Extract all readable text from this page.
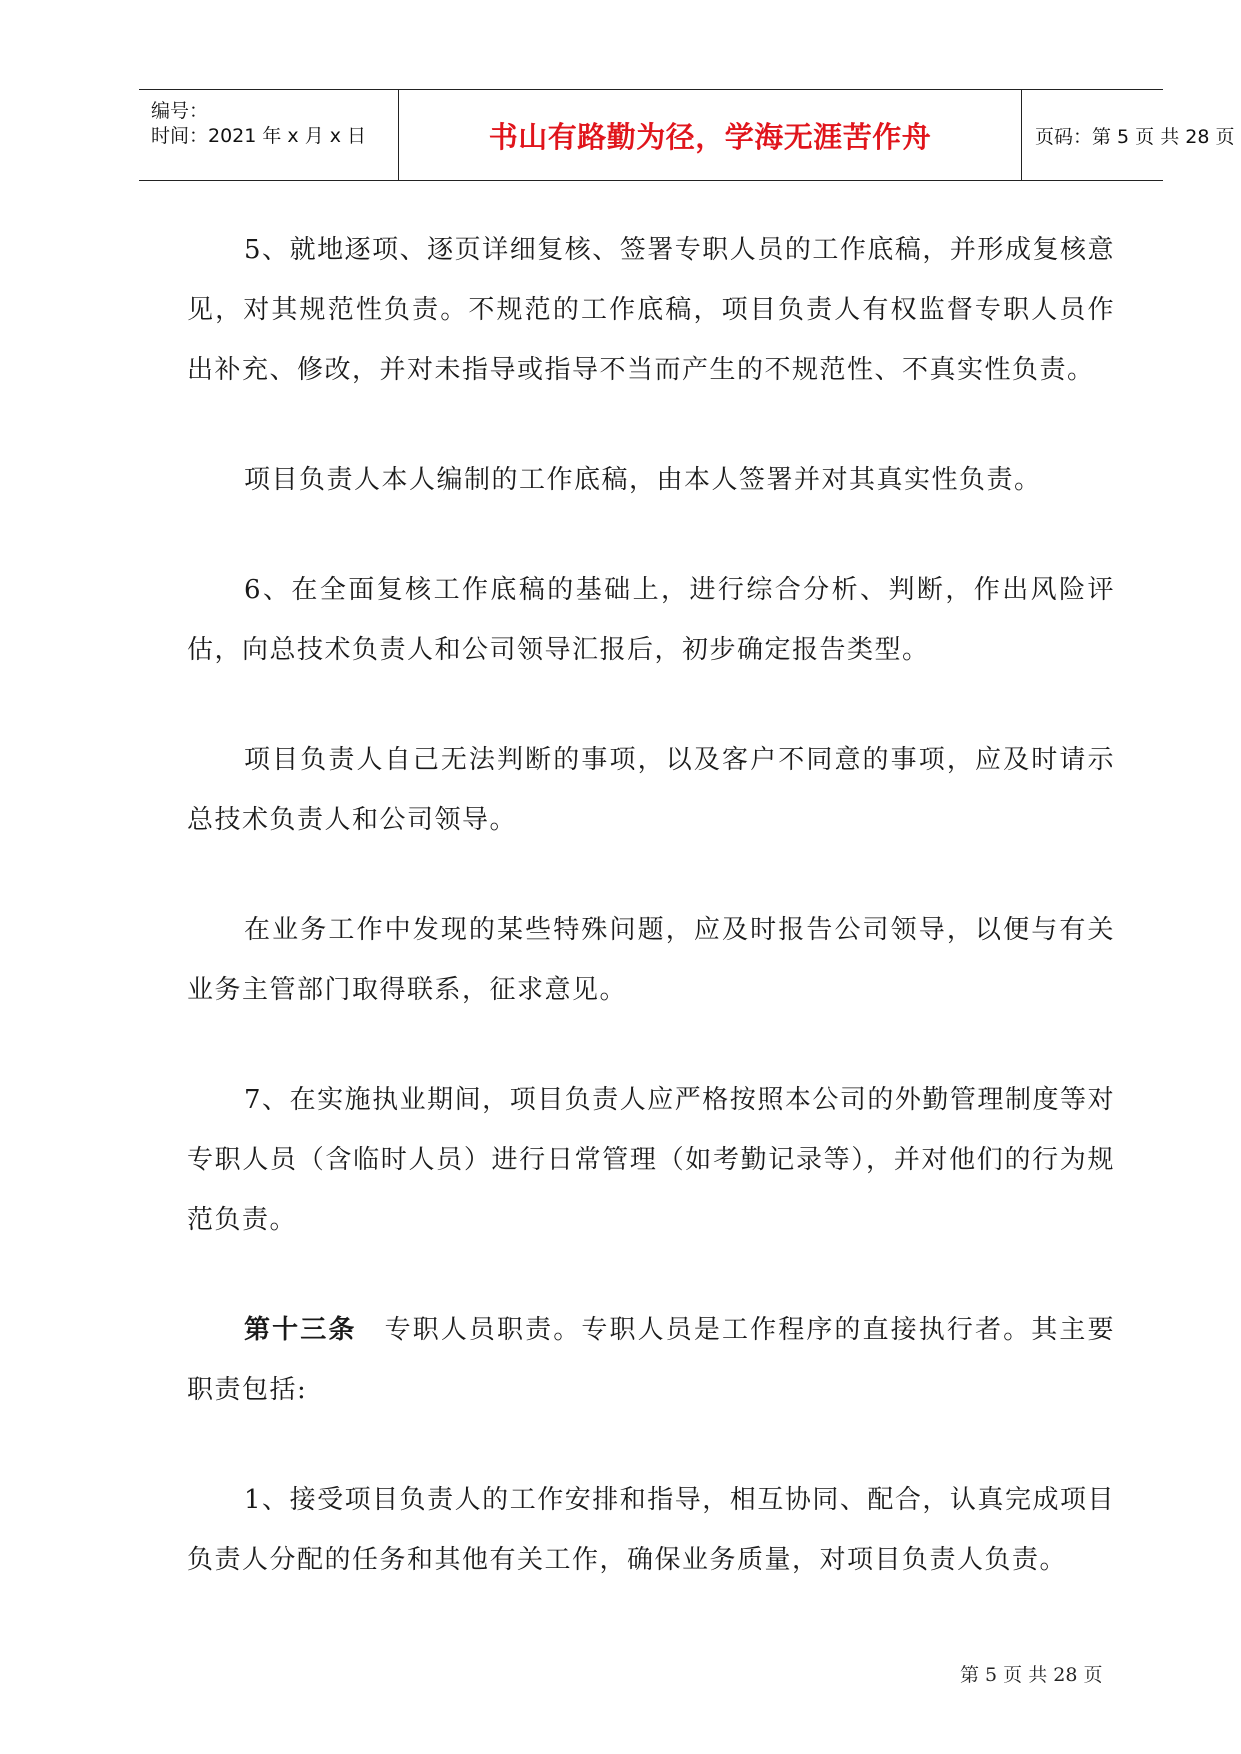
编号：
时间：2021 年 x 月 x 日	书山有路勤为径，学海无涯苦作舟	页码：第 5 页 共 28 页

5、就地逐项、逐页详细复核、签署专职人员的工作底稿，并形成复核意见，对其规范性负责。不规范的工作底稿，项目负责人有权监督专职人员作出补充、修改，并对未指导或指导不当而产生的不规范性、不真实性负责。

项目负责人本人编制的工作底稿，由本人签署并对其真实性负责。

6、在全面复核工作底稿的基础上，进行综合分析、判断，作出风险评估，向总技术负责人和公司领导汇报后，初步确定报告类型。

项目负责人自己无法判断的事项，以及客户不同意的事项，应及时请示总技术负责人和公司领导。

在业务工作中发现的某些特殊问题，应及时报告公司领导，以便与有关业务主管部门取得联系，征求意见。

7、在实施执业期间，项目负责人应严格按照本公司的外勤管理制度等对专职人员（含临时人员）进行日常管理（如考勤记录等），并对他们的行为规范负责。

第十三条　专职人员职责。专职人员是工作程序的直接执行者。其主要职责包括:

1、接受项目负责人的工作安排和指导，相互协同、配合，认真完成项目负责人分配的任务和其他有关工作，确保业务质量，对项目负责人负责。

第 5 页 共 28 页
